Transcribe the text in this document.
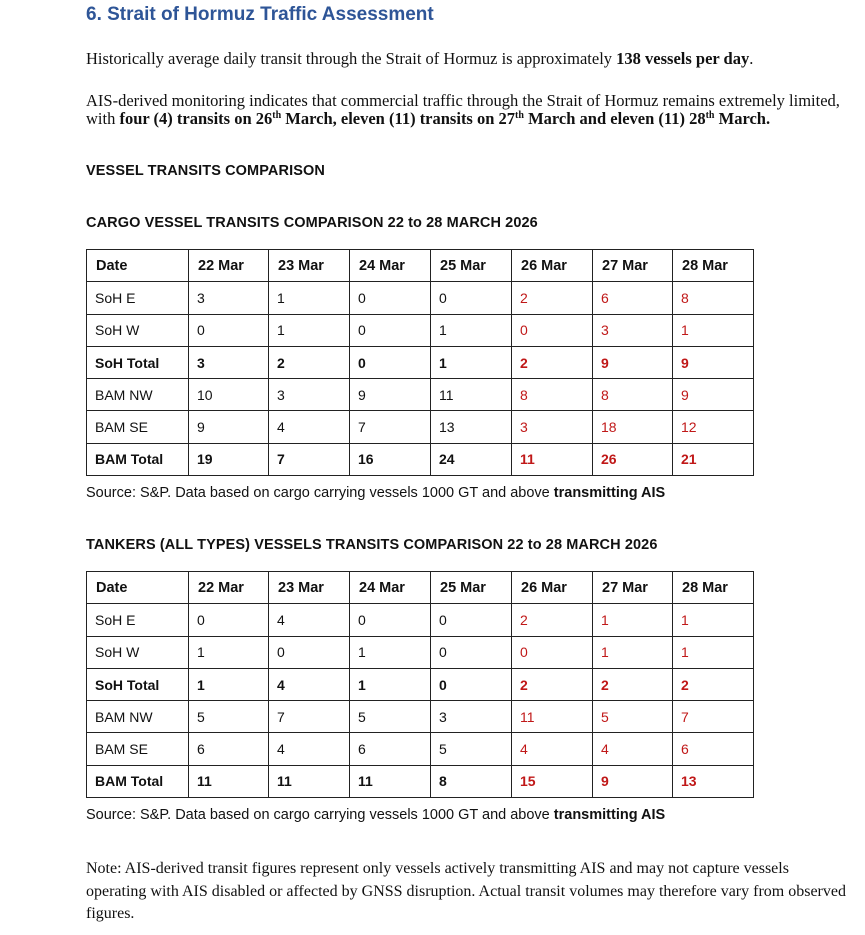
6. Strait of Hormuz Traffic Assessment
Historically average daily transit through the Strait of Hormuz is approximately 138 vessels per day.
AIS-derived monitoring indicates that commercial traffic through the Strait of Hormuz remains extremely limited, with four (4) transits on 26th March, eleven (11) transits on 27th March and eleven (11) 28th March.
VESSEL TRANSITS COMPARISON
CARGO VESSEL TRANSITS COMPARISON 22 to 28 MARCH 2026
Date	22 Mar	23 Mar	24 Mar	25 Mar	26 Mar	27 Mar	28 Mar
SoH E	3	1	0	0	2	6	8
SoH W	0	1	0	1	0	3	1
SoH Total	3	2	0	1	2	9	9
BAM NW	10	3	9	11	8	8	9
BAM SE	9	4	7	13	3	18	12
BAM Total	19	7	16	24	11	26	21
Source: S&P. Data based on cargo carrying vessels 1000 GT and above transmitting AIS
TANKERS (ALL TYPES) VESSELS TRANSITS COMPARISON 22 to 28 MARCH 2026
Date	22 Mar	23 Mar	24 Mar	25 Mar	26 Mar	27 Mar	28 Mar
SoH E	0	4	0	0	2	1	1
SoH W	1	0	1	0	0	1	1
SoH Total	1	4	1	0	2	2	2
BAM NW	5	7	5	3	11	5	7
BAM SE	6	4	6	5	4	4	6
BAM Total	11	11	11	8	15	9	13
Source: S&P. Data based on cargo carrying vessels 1000 GT and above transmitting AIS
Note: AIS-derived transit figures represent only vessels actively transmitting AIS and may not capture vessels operating with AIS disabled or affected by GNSS disruption. Actual transit volumes may therefore vary from observed figures.
